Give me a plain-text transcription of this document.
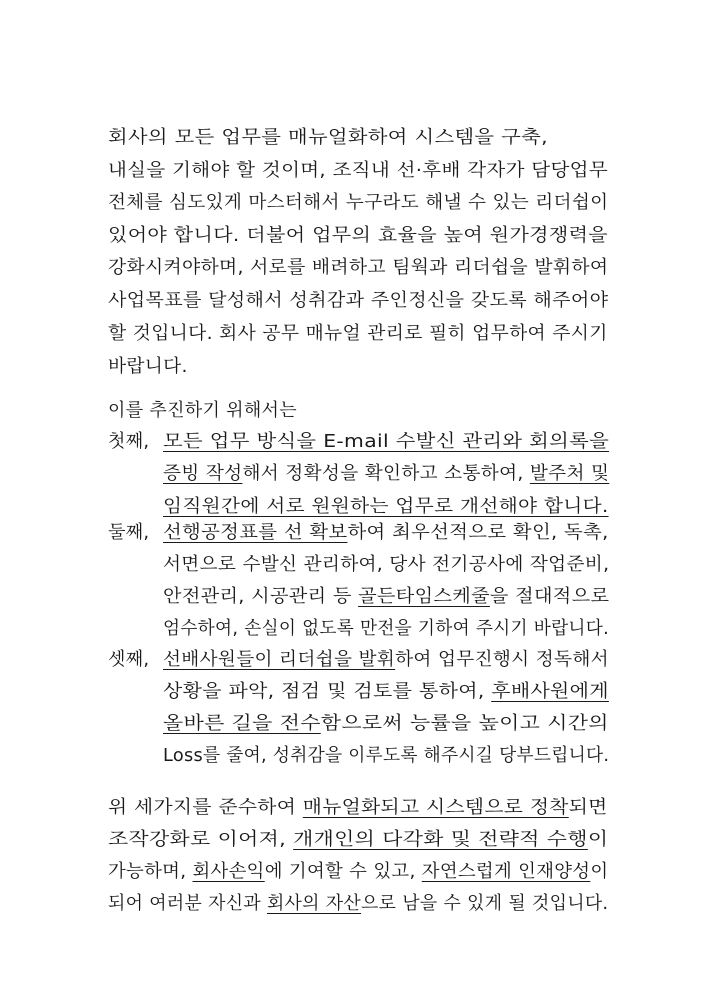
회사의 모든 업무를 매뉴얼화하여 시스템을 구축,
내실을 기해야 할 것이며, 조직내 선·후배 각자가 담당업무
전체를 심도있게 마스터해서 누구라도 해낼 수 있는 리더쉽이
있어야 합니다. 더불어 업무의 효율을 높여 원가경쟁력을
강화시켜야하며, 서로를 배려하고 팀웍과 리더쉽을 발휘하여
사업목표를 달성해서 성취감과 주인정신을 갖도록 해주어야
할 것입니다. 회사 공무 매뉴얼 관리로 필히 업무하여 주시기
바랍니다.
이를 추진하기 위해서는
첫째, 모든 업무 방식을 E-mail 수발신 관리와 회의록을
증빙 작성해서 정확성을 확인하고 소통하여, 발주처 및
임직원간에 서로 원원하는 업무로 개선해야 합니다.
둘째, 선행공정표를 선 확보하여 최우선적으로 확인, 독촉,
서면으로 수발신 관리하여, 당사 전기공사에 작업준비,
안전관리, 시공관리 등 골든타임스케줄을 절대적으로
엄수하여, 손실이 없도록 만전을 기하여 주시기 바랍니다.
셋째, 선배사원들이 리더쉽을 발휘하여 업무진행시 정독해서
상황을 파악, 점검 및 검토를 통하여, 후배사원에게
올바른 길을 전수함으로써 능률을 높이고 시간의
Loss를 줄여, 성취감을 이루도록 해주시길 당부드립니다.
위 세가지를 준수하여 매뉴얼화되고 시스템으로 정착되면
조작강화로 이어져, 개개인의 다각화 및 전략적 수행이
가능하며, 회사손익에 기여할 수 있고, 자연스럽게 인재양성이
되어 여러분 자신과 회사의 자산으로 남을 수 있게 될 것입니다.
